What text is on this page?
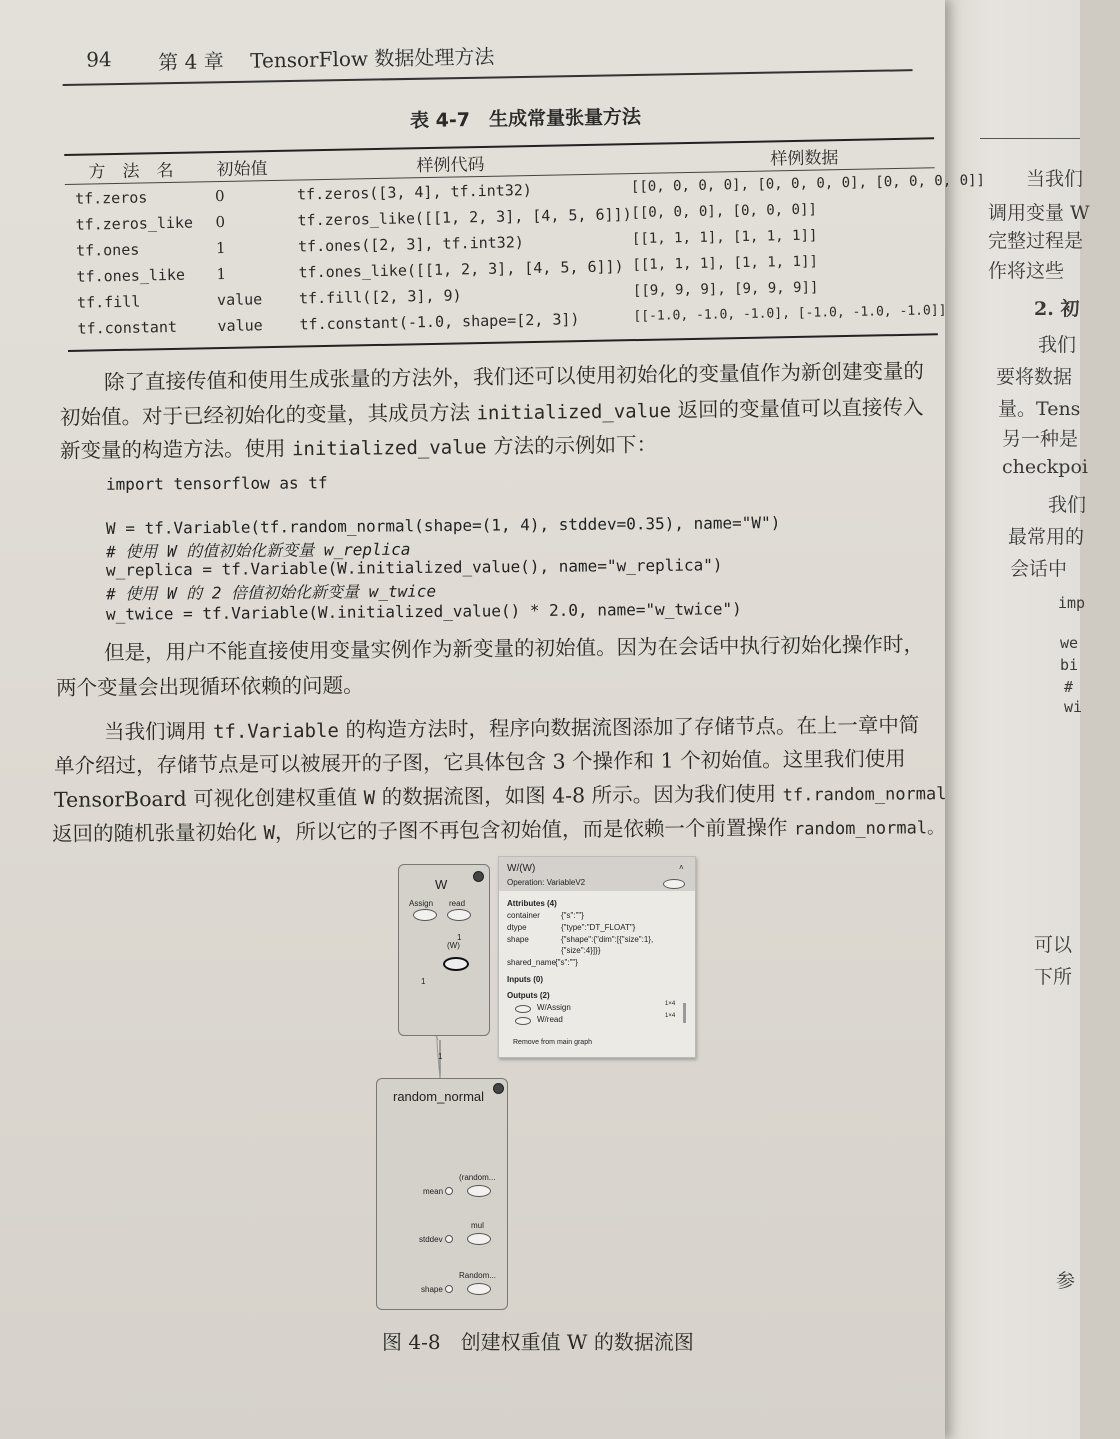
当我们
调用变量 W
完整过程是
作将这些
2. 初
我们
要将数据
量。Tens
另一种是
checkpoi
我们
最常用的
会话中
imp
we
bi
#
wi
可以
下所
参
94 第 4 章 TensorFlow 数据处理方法
表 4-7　生成常量张量方法
方　法　名	初始值	样例代码	样例数据
tf.zeros	0	tf.zeros([3, 4], tf.int32)	[[0, 0, 0, 0], [0, 0, 0, 0], [0, 0, 0, 0]]
tf.zeros_like 0	tf.zeros_like([[1, 2, 3], [4, 5, 6]]) [[0, 0, 0], [0, 0, 0]]
tf.ones	1	tf.ones([2, 3], tf.int32)	[[1, 1, 1], [1, 1, 1]]
tf.ones_like 1	tf.ones_like([[1, 2, 3], [4, 5, 6]]) [[1, 1, 1], [1, 1, 1]]
tf.fill	value tf.fill([2, 3], 9)	[[9, 9, 9], [9, 9, 9]]
tf.constant	value tf.constant(-1.0, shape=[2, 3])	[[-1.0, -1.0, -1.0], [-1.0, -1.0, -1.0]]
除了直接传值和使用生成张量的方法外，我们还可以使用初始化的变量值作为新创建变量的
初始值。对于已经初始化的变量，其成员方法 initialized_value 返回的变量值可以直接传入
新变量的构造方法。使用 initialized_value 方法的示例如下：
import tensorflow as tf
W = tf.Variable(tf.random_normal(shape=(1, 4), stddev=0.35), name="W")
# 使用 W 的值初始化新变量 w_replica
w_replica = tf.Variable(W.initialized_value(), name="w_replica")
# 使用 W 的 2 倍值初始化新变量 w_twice
w_twice = tf.Variable(W.initialized_value() * 2.0, name="w_twice")
但是，用户不能直接使用变量实例作为新变量的初始值。因为在会话中执行初始化操作时，
两个变量会出现循环依赖的问题。
当我们调用 tf.Variable 的构造方法时，程序向数据流图添加了存储节点。在上一章中简
单介绍过，存储节点是可以被展开的子图，它具体包含 3 个操作和 1 个初始值。这里我们使用
TensorBoard 可视化创建权重值 W 的数据流图，如图 4-8 所示。因为我们使用 tf.random_normal
返回的随机张量初始化 W，所以它的子图不再包含初始值，而是依赖一个前置操作 random_normal。
W
Assign read
(W)
1
1
1
W/(W)
Operation: VariableV2
˄
Attributes (4)
container	{"s":""}
dtype	{"type":"DT_FLOAT"}
shape	{"shape":{"dim":[{"size":1},
{"size":4}]}}
shared_name {"s":""}
Inputs (0)
Outputs (2)
W/Assign	1×4
W/read	1×4
Remove from main graph
random_normal
(random...
mean
mul
stddev
Random...
shape
图 4-8　创建权重值 W 的数据流图
